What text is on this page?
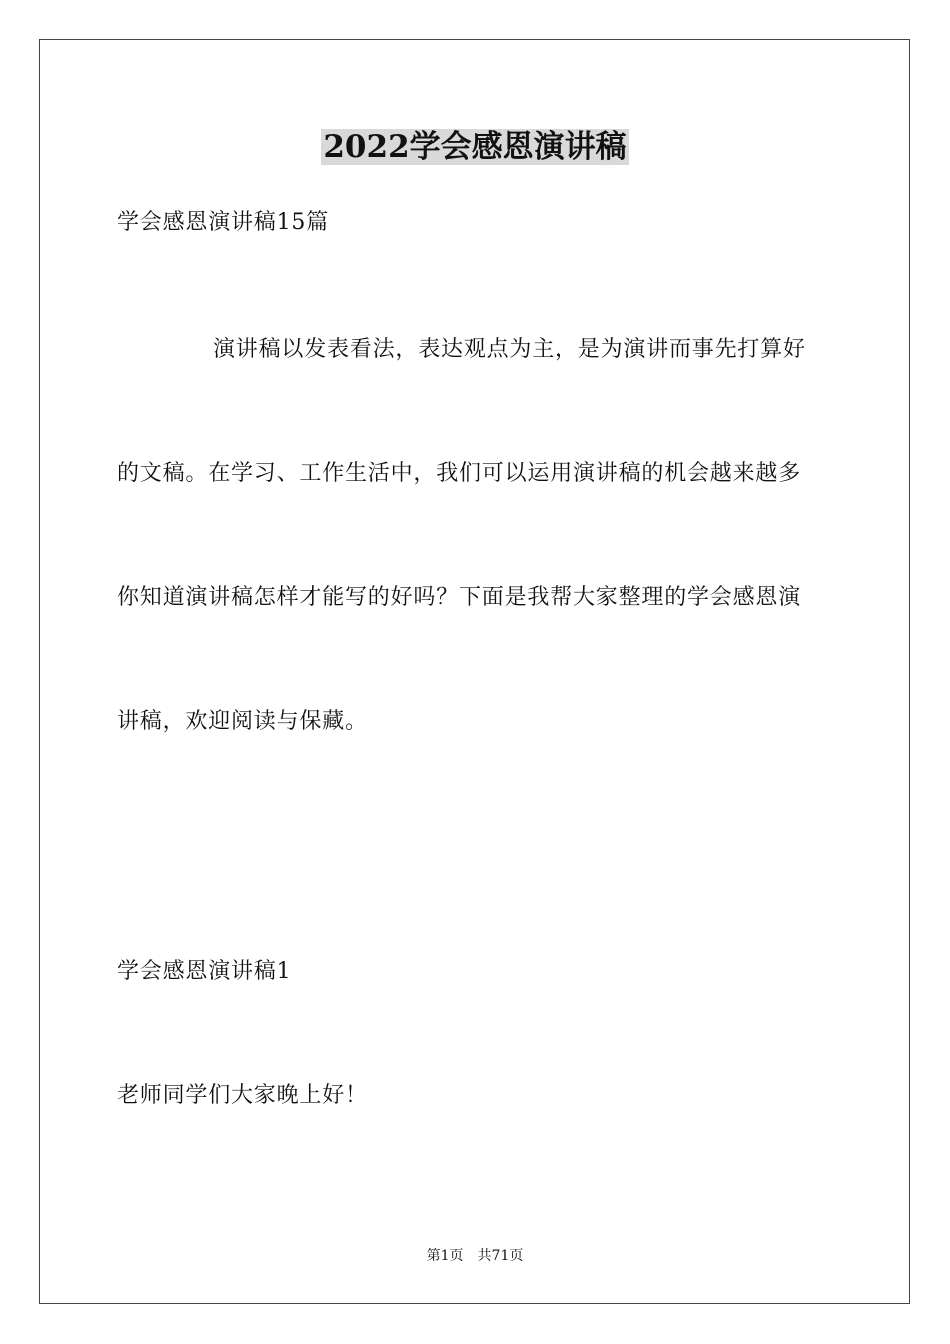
2022学会感恩演讲稿
学会感恩演讲稿15篇
演讲稿以发表看法，表达观点为主，是为演讲而事先打算好
的文稿。在学习、工作生活中，我们可以运用演讲稿的机会越来越多
你知道演讲稿怎样才能写的好吗？下面是我帮大家整理的学会感恩演
讲稿，欢迎阅读与保藏。
学会感恩演讲稿1
老师同学们大家晚上好！
第1页 共71页
